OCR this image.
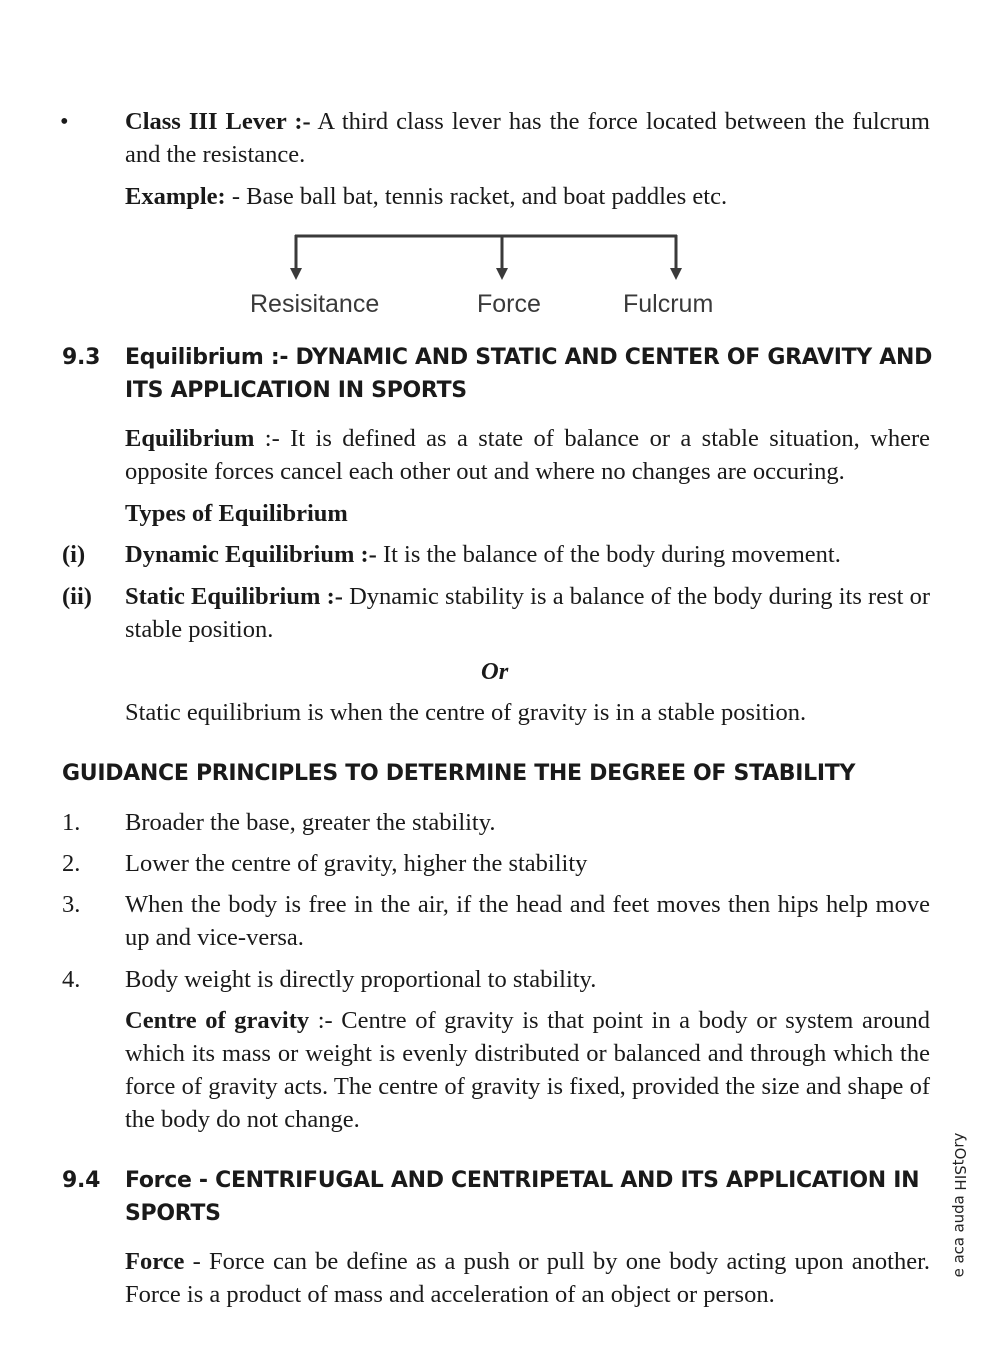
• Class III Lever :- A third class lever has the force located between the fulcrum and the resistance.
Example: - Base ball bat, tennis racket, and boat paddles etc.
Resisitance	Force	Fulcrum
9.3 Equilibrium :- DYNAMIC AND STATIC AND CENTER OF GRAVITY AND ITS APPLICATION IN SPORTS
Equilibrium :- It is defined as a state of balance or a stable situation, where opposite forces cancel each other out and where no changes are occuring.
Types of Equilibrium
(i) Dynamic Equilibrium :- It is the balance of the body during movement.
(ii) Static Equilibrium :- Dynamic stability is a balance of the body during its rest or stable position.
Or
Static equilibrium is when the centre of gravity is in a stable position.
GUIDANCE PRINCIPLES TO DETERMINE THE DEGREE OF STABILITY
1. Broader the base, greater the stability.
2. Lower the centre of gravity, higher the stability
3. When the body is free in the air, if the head and feet moves then hips help move up and vice-versa.
4. Body weight is directly proportional to stability.
Centre of gravity :- Centre of gravity is that point in a body or system around which its mass or weight is evenly distributed or balanced and through which the force of gravity acts. The centre of gravity is fixed, provided the size and shape of the body do not change.
9.4 Force - CENTRIFUGAL AND CENTRIPETAL AND ITS APPLICATION IN SPORTS
Force - Force can be define as a push or pull by one body acting upon another. Force is a product of mass and acceleration of an object or person.
ʎɹOʇSIH ɐpnɐ ɐɔɐ ǝ
